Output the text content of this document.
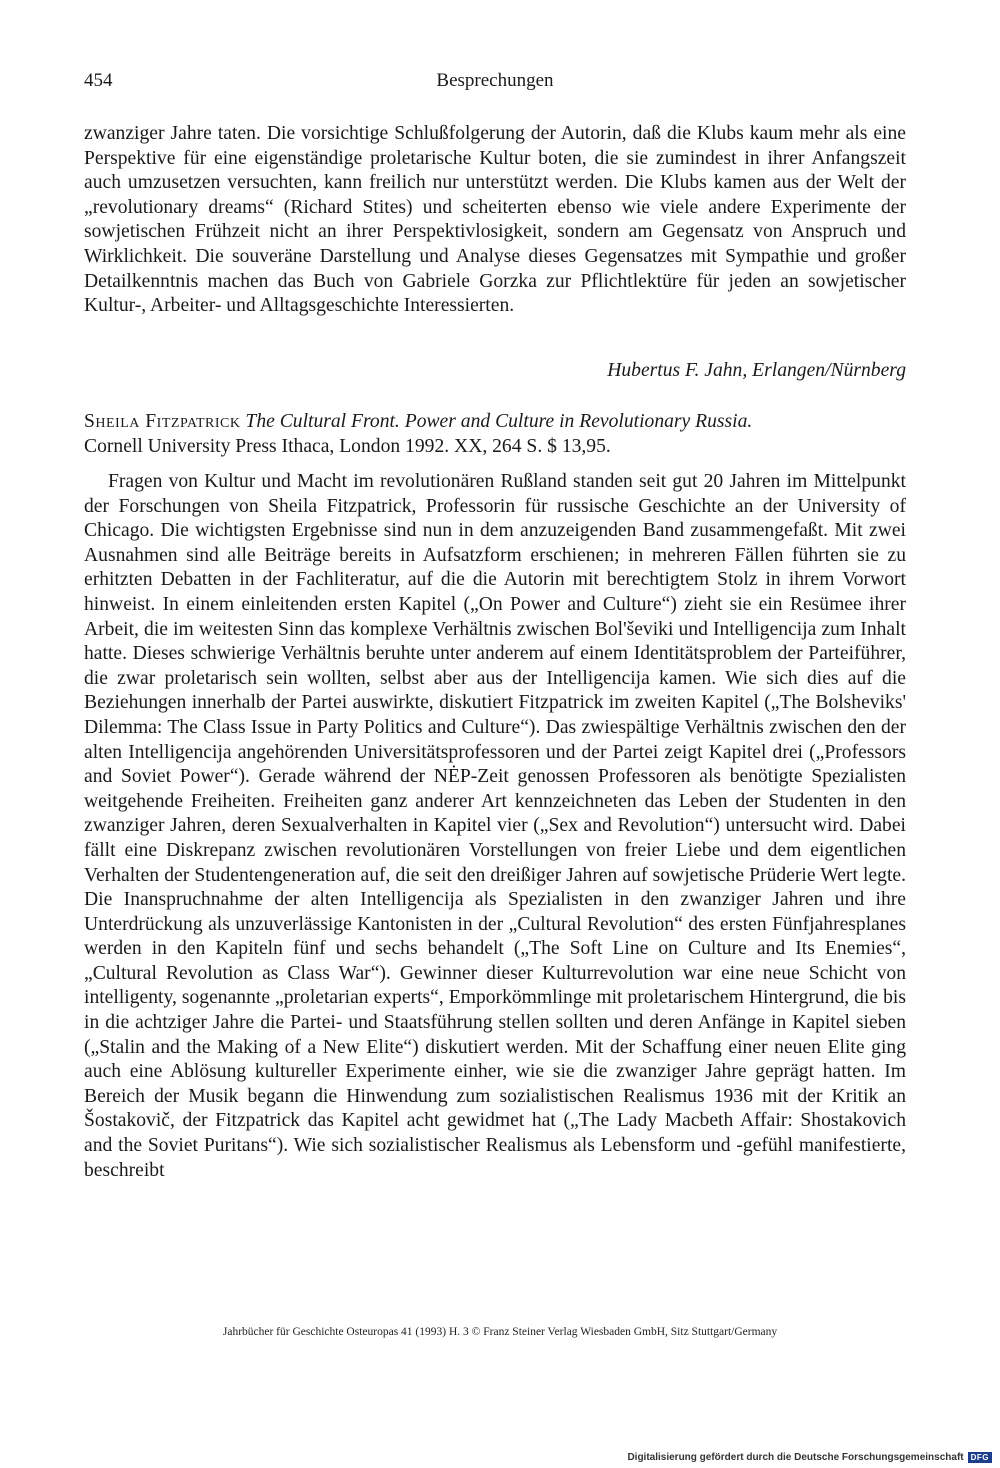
454	Besprechungen

zwanziger Jahre taten. Die vorsichtige Schlußfolgerung der Autorin, daß die Klubs kaum mehr als eine Perspektive für eine eigenständige proletarische Kultur boten, die sie zumindest in ihrer Anfangszeit auch umzusetzen versuchten, kann freilich nur unterstützt werden. Die Klubs kamen aus der Welt der „revolutionary dreams“ (Richard Stites) und scheiterten ebenso wie viele andere Experimente der sowjetischen Frühzeit nicht an ihrer Perspektivlosigkeit, sondern am Gegensatz von Anspruch und Wirklichkeit. Die souveräne Darstellung und Analyse dieses Gegensatzes mit Sympathie und großer Detailkenntnis machen das Buch von Gabriele Gorzka zur Pflichtlektüre für jeden an sowjetischer Kultur-, Arbeiter- und Alltagsgeschichte Interessierten.

Hubertus F. Jahn, Erlangen/Nürnberg

Sheila Fitzpatrick The Cultural Front. Power and Culture in Revolutionary Russia.
Cornell University Press Ithaca, London 1992. XX, 264 S. $ 13,95.

Fragen von Kultur und Macht im revolutionären Rußland standen seit gut 20 Jahren im Mittelpunkt der Forschungen von Sheila Fitzpatrick, Professorin für russische Geschichte an der University of Chicago. Die wichtigsten Ergebnisse sind nun in dem anzuzeigenden Band zusammengefaßt. Mit zwei Ausnahmen sind alle Beiträge bereits in Aufsatzform erschienen; in mehreren Fällen führten sie zu erhitzten Debatten in der Fachliteratur, auf die die Autorin mit berechtigtem Stolz in ihrem Vorwort hinweist. In einem einleitenden ersten Kapitel („On Power and Culture“) zieht sie ein Resümee ihrer Arbeit, die im weitesten Sinn das komplexe Verhältnis zwischen Bol'ševiki und Intelligencija zum Inhalt hatte. Dieses schwierige Verhältnis beruhte unter anderem auf einem Identitätsproblem der Parteiführer, die zwar proletarisch sein wollten, selbst aber aus der Intelligencija kamen. Wie sich dies auf die Beziehungen innerhalb der Partei auswirkte, diskutiert Fitzpatrick im zweiten Kapitel („The Bolsheviks' Dilemma: The Class Issue in Party Politics and Culture“). Das zwiespältige Verhältnis zwischen den der alten Intelligencija angehörenden Universitätsprofessoren und der Partei zeigt Kapitel drei („Professors and Soviet Power“). Gerade während der NĖP-Zeit genossen Professoren als benötigte Spezialisten weitgehende Freiheiten. Freiheiten ganz anderer Art kennzeichneten das Leben der Studenten in den zwanziger Jahren, deren Sexualverhalten in Kapitel vier („Sex and Revolution“) untersucht wird. Dabei fällt eine Diskrepanz zwischen revolutionären Vorstellungen von freier Liebe und dem eigentlichen Verhalten der Studentengeneration auf, die seit den dreißiger Jahren auf sowjetische Prüderie Wert legte. Die Inanspruchnahme der alten Intelligencija als Spezialisten in den zwanziger Jahren und ihre Unterdrückung als unzuverlässige Kantonisten in der „Cultural Revolution“ des ersten Fünfjahresplanes werden in den Kapiteln fünf und sechs behandelt („The Soft Line on Culture and Its Enemies“, „Cultural Revolution as Class War“). Gewinner dieser Kulturrevolution war eine neue Schicht von intelligenty, sogenannte „proletarian experts“, Emporkömmlinge mit proletarischem Hintergrund, die bis in die achtziger Jahre die Partei- und Staatsführung stellen sollten und deren Anfänge in Kapitel sieben („Stalin and the Making of a New Elite“) diskutiert werden. Mit der Schaffung einer neuen Elite ging auch eine Ablösung kultureller Experimente einher, wie sie die zwanziger Jahre geprägt hatten. Im Bereich der Musik begann die Hinwendung zum sozialistischen Realismus 1936 mit der Kritik an Šostakovič, der Fitzpatrick das Kapitel acht gewidmet hat („The Lady Macbeth Affair: Shostakovich and the Soviet Puritans“). Wie sich sozialistischer Realismus als Lebensform und -gefühl manifestierte, beschreibt

Jahrbücher für Geschichte Osteuropas 41 (1993) H. 3 © Franz Steiner Verlag Wiesbaden GmbH, Sitz Stuttgart/Germany
Digitalisierung gefördert durch die Deutsche Forschungsgemeinschaft DFG
